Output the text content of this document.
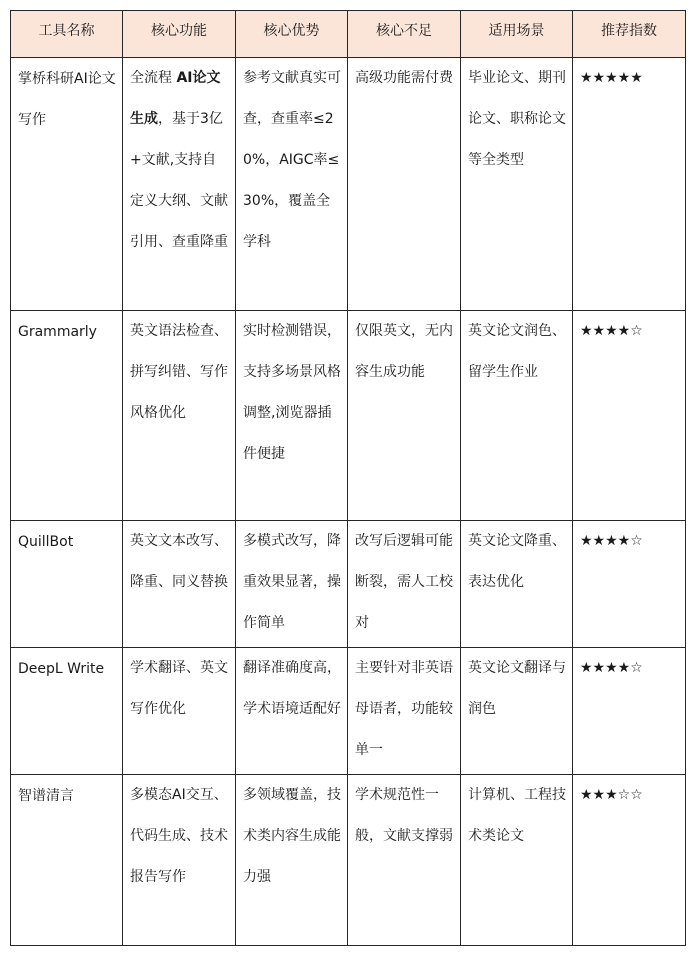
工具名称	核心功能	核心优势	核心不足	适用场景	推荐指数
掌桥科研AI论文写作	全流程 AI论文生成，基于3亿+文献,支持自定义大纲、文献引用、查重降重	参考文献真实可查，查重率≤20%，AIGC率≤30%，覆盖全学科	高级功能需付费	毕业论文、期刊论文、职称论文等全类型	★★★★★
Grammarly	英文语法检查、拼写纠错、写作风格优化	实时检测错误，支持多场景风格调整,浏览器插件便捷	仅限英文，无内容生成功能	英文论文润色、留学生作业	★★★★☆
QuillBot	英文文本改写、降重、同义替换	多模式改写，降重效果显著，操作简单	改写后逻辑可能断裂，需人工校对	英文论文降重、表达优化	★★★★☆
DeepL Write	学术翻译、英文写作优化	翻译准确度高，学术语境适配好	主要针对非英语母语者，功能较单一	英文论文翻译与润色	★★★★☆
智谱清言	多模态AI交互、代码生成、技术报告写作	多领域覆盖，技术类内容生成能力强	学术规范性一般，文献支撑弱	计算机、工程技术类论文	★★★☆☆
